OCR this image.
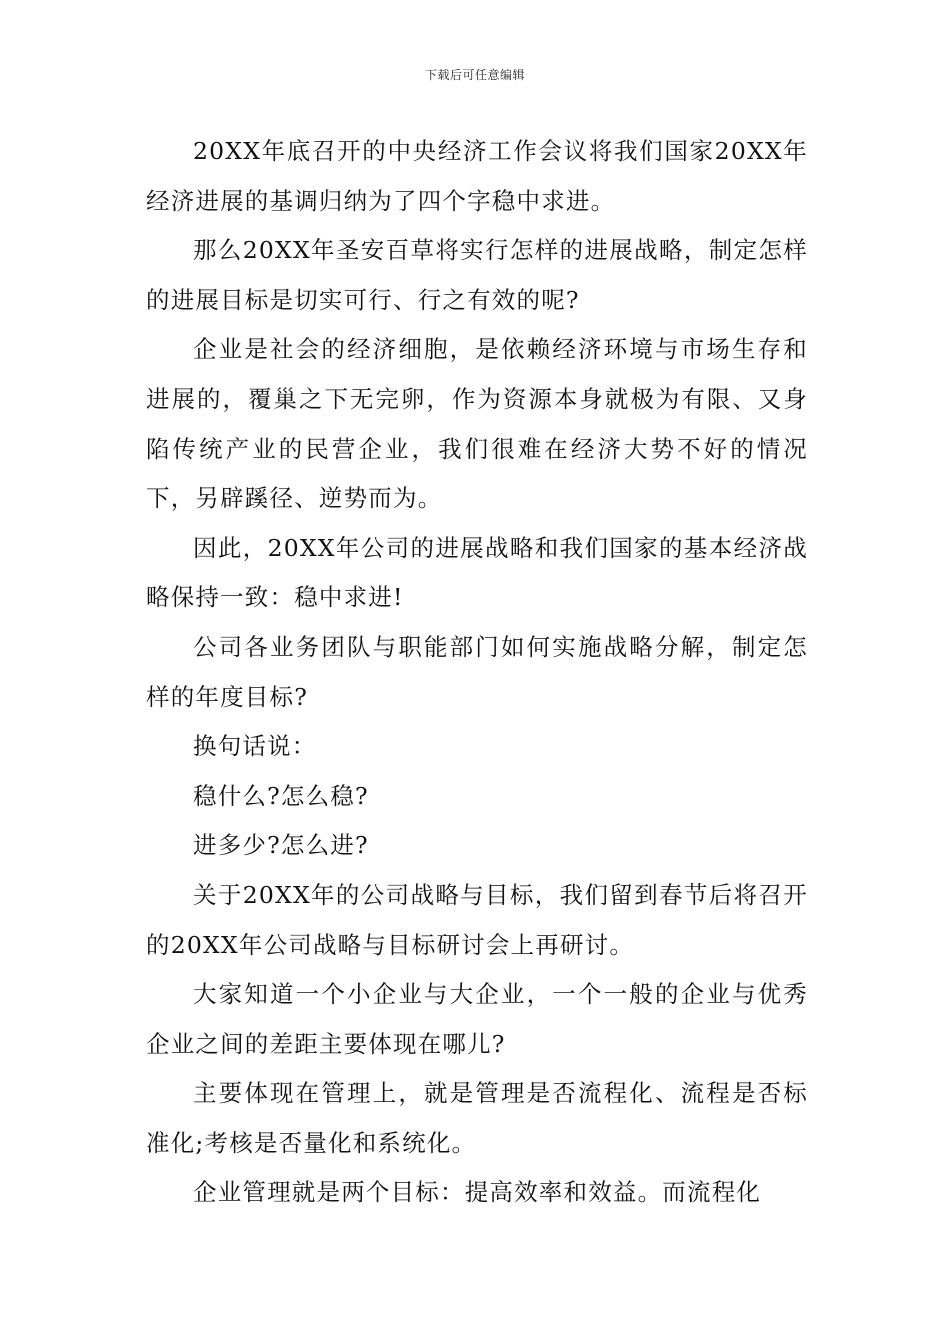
下载后可任意编辑

20XX年底召开的中央经济工作会议将我们国家20XX年经济进展的基调归纳为了四个字稳中求进。

那么20XX年圣安百草将实行怎样的进展战略，制定怎样的进展目标是切实可行、行之有效的呢?

企业是社会的经济细胞，是依赖经济环境与市场生存和进展的，覆巢之下无完卵，作为资源本身就极为有限、又身陷传统产业的民营企业，我们很难在经济大势不好的情况下，另辟蹊径、逆势而为。

因此，20XX年公司的进展战略和我们国家的基本经济战略保持一致：稳中求进!

公司各业务团队与职能部门如何实施战略分解，制定怎样的年度目标?

换句话说：

稳什么?怎么稳?

进多少?怎么进?

关于20XX年的公司战略与目标，我们留到春节后将召开的20XX年公司战略与目标研讨会上再研讨。

大家知道一个小企业与大企业，一个一般的企业与优秀企业之间的差距主要体现在哪儿?

主要体现在管理上，就是管理是否流程化、流程是否标准化;考核是否量化和系统化。

企业管理就是两个目标：提高效率和效益。而流程化
